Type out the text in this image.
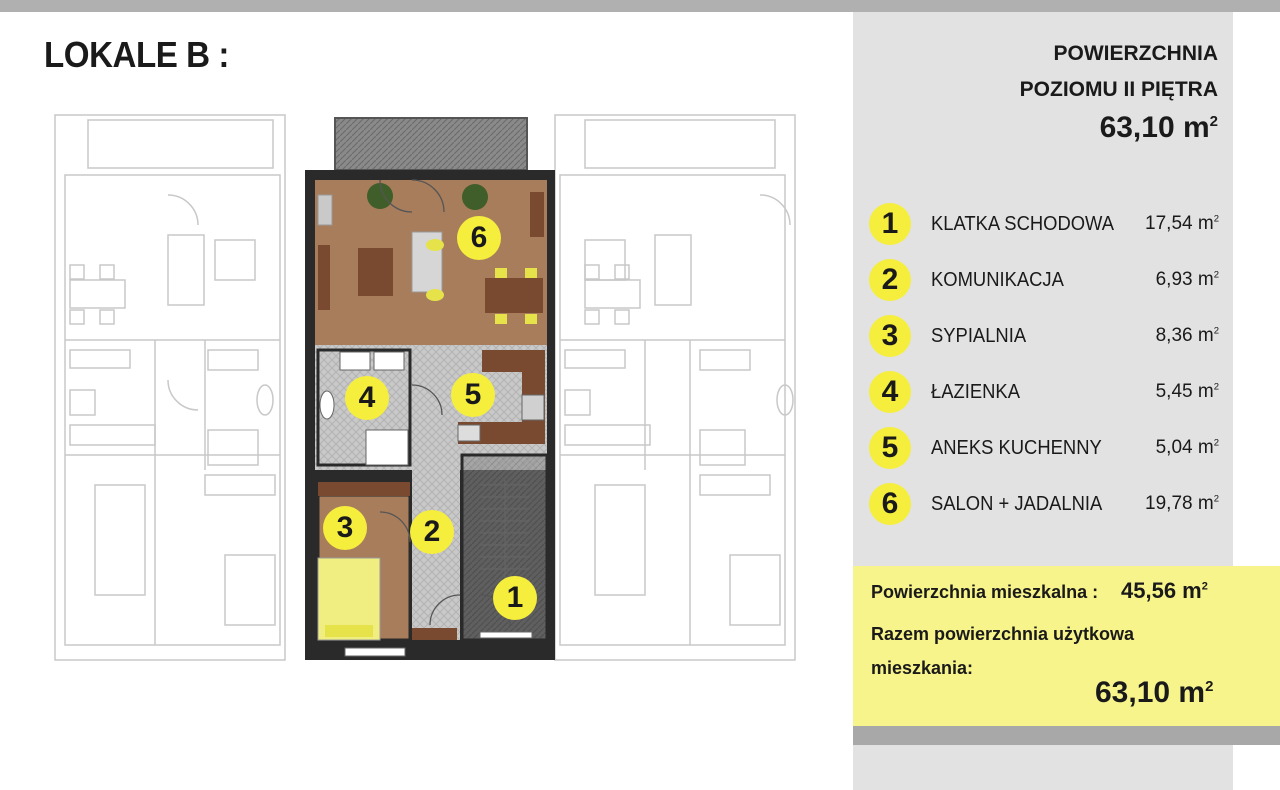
LOKALE B :
6
4	5
3	2
1
POWIERZCHNIA
POZIOMU II PIĘTRA
63,10 $m^2$
1	KLATKA SCHODOWA 17,54 $m^2$
2	KOMUNIKACJA	6,93 $m^2$
3	SYPIALNIA	8,36 $m^2$
4	ŁAZIENKA	5,45 $m^2$
5	ANEKS KUCHENNY	5,04 $m^2$
6	SALON + JADALNIA 19,78 $m^2$
Powierzchnia mieszkalna : 45,56 $m^2$
Razem powierzchnia użytkowa
mieszkania:
63,10 $m^2$
